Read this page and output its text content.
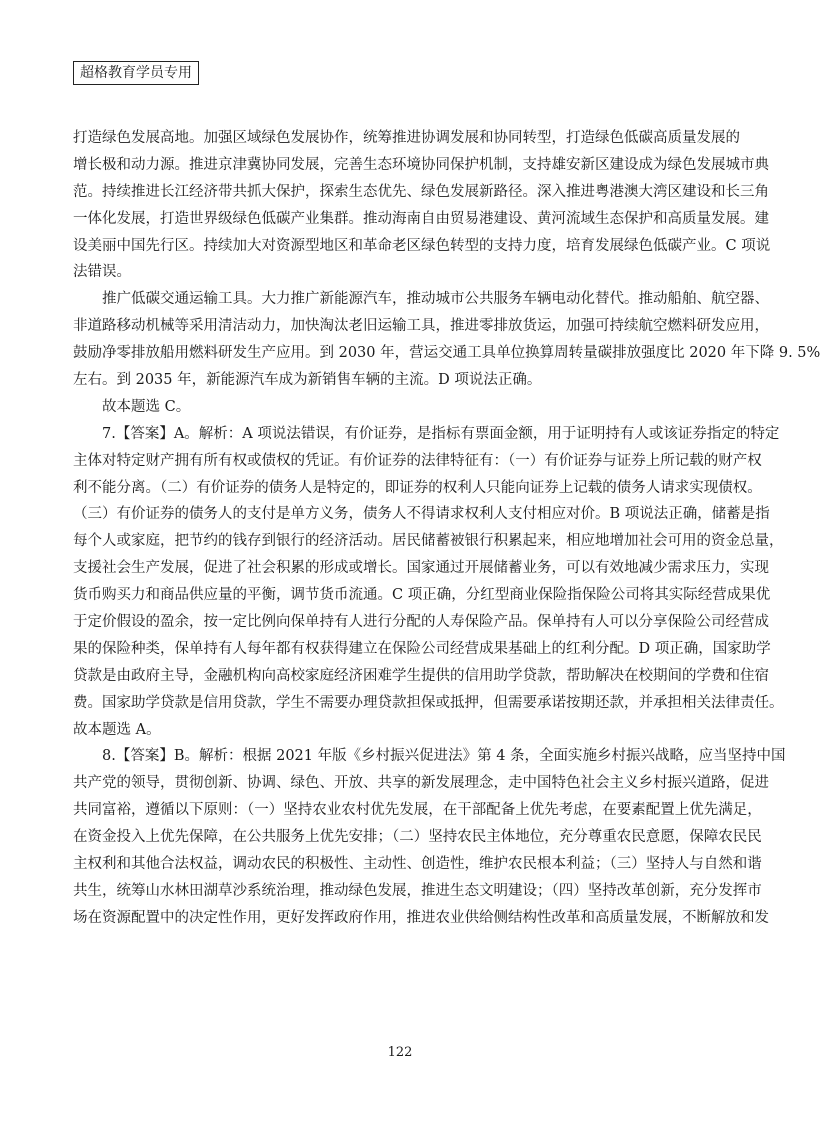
超格教育学员专用
打造绿色发展高地。加强区域绿色发展协作，统筹推进协调发展和协同转型，打造绿色低碳高质量发展的
增长极和动力源。推进京津冀协同发展，完善生态环境协同保护机制，支持雄安新区建设成为绿色发展城市典
范。持续推进长江经济带共抓大保护，探索生态优先、绿色发展新路径。深入推进粤港澳大湾区建设和长三角
一体化发展，打造世界级绿色低碳产业集群。推动海南自由贸易港建设、黄河流域生态保护和高质量发展。建
设美丽中国先行区。持续加大对资源型地区和革命老区绿色转型的支持力度，培育发展绿色低碳产业。C 项说
法错误。
推广低碳交通运输工具。大力推广新能源汽车，推动城市公共服务车辆电动化替代。推动船舶、航空器、
非道路移动机械等采用清洁动力，加快淘汰老旧运输工具，推进零排放货运，加强可持续航空燃料研发应用，
鼓励净零排放船用燃料研发生产应用。到 2030 年，营运交通工具单位换算周转量碳排放强度比 2020 年下降 9. 5%
左右。到 2035 年，新能源汽车成为新销售车辆的主流。D 项说法正确。
故本题选 C。
7.【答案】A。解析：A 项说法错误，有价证券，是指标有票面金额，用于证明持有人或该证券指定的特定
主体对特定财产拥有所有权或债权的凭证。有价证券的法律特征有：（一）有价证券与证券上所记载的财产权
利不能分离。（二）有价证券的债务人是特定的，即证券的权利人只能向证券上记载的债务人请求实现债权。
（三）有价证券的债务人的支付是单方义务，债务人不得请求权利人支付相应对价。B 项说法正确，储蓄是指
每个人或家庭，把节约的钱存到银行的经济活动。居民储蓄被银行积累起来，相应地增加社会可用的资金总量，
支援社会生产发展，促进了社会积累的形成或增长。国家通过开展储蓄业务，可以有效地减少需求压力，实现
货币购买力和商品供应量的平衡，调节货币流通。C 项正确，分红型商业保险指保险公司将其实际经营成果优
于定价假设的盈余，按一定比例向保单持有人进行分配的人寿保险产品。保单持有人可以分享保险公司经营成
果的保险种类，保单持有人每年都有权获得建立在保险公司经营成果基础上的红利分配。D 项正确，国家助学
贷款是由政府主导，金融机构向高校家庭经济困难学生提供的信用助学贷款，帮助解决在校期间的学费和住宿
费。国家助学贷款是信用贷款，学生不需要办理贷款担保或抵押，但需要承诺按期还款，并承担相关法律责任。
故本题选 A。
8.【答案】B。解析：根据 2021 年版《乡村振兴促进法》第 4 条，全面实施乡村振兴战略，应当坚持中国
共产党的领导，贯彻创新、协调、绿色、开放、共享的新发展理念，走中国特色社会主义乡村振兴道路，促进
共同富裕，遵循以下原则：（一）坚持农业农村优先发展，在干部配备上优先考虑，在要素配置上优先满足，
在资金投入上优先保障，在公共服务上优先安排；（二）坚持农民主体地位，充分尊重农民意愿，保障农民民
主权利和其他合法权益，调动农民的积极性、主动性、创造性，维护农民根本利益；（三）坚持人与自然和谐
共生，统筹山水林田湖草沙系统治理，推动绿色发展，推进生态文明建设；（四）坚持改革创新，充分发挥市
场在资源配置中的决定性作用，更好发挥政府作用，推进农业供给侧结构性改革和高质量发展，不断解放和发
122
